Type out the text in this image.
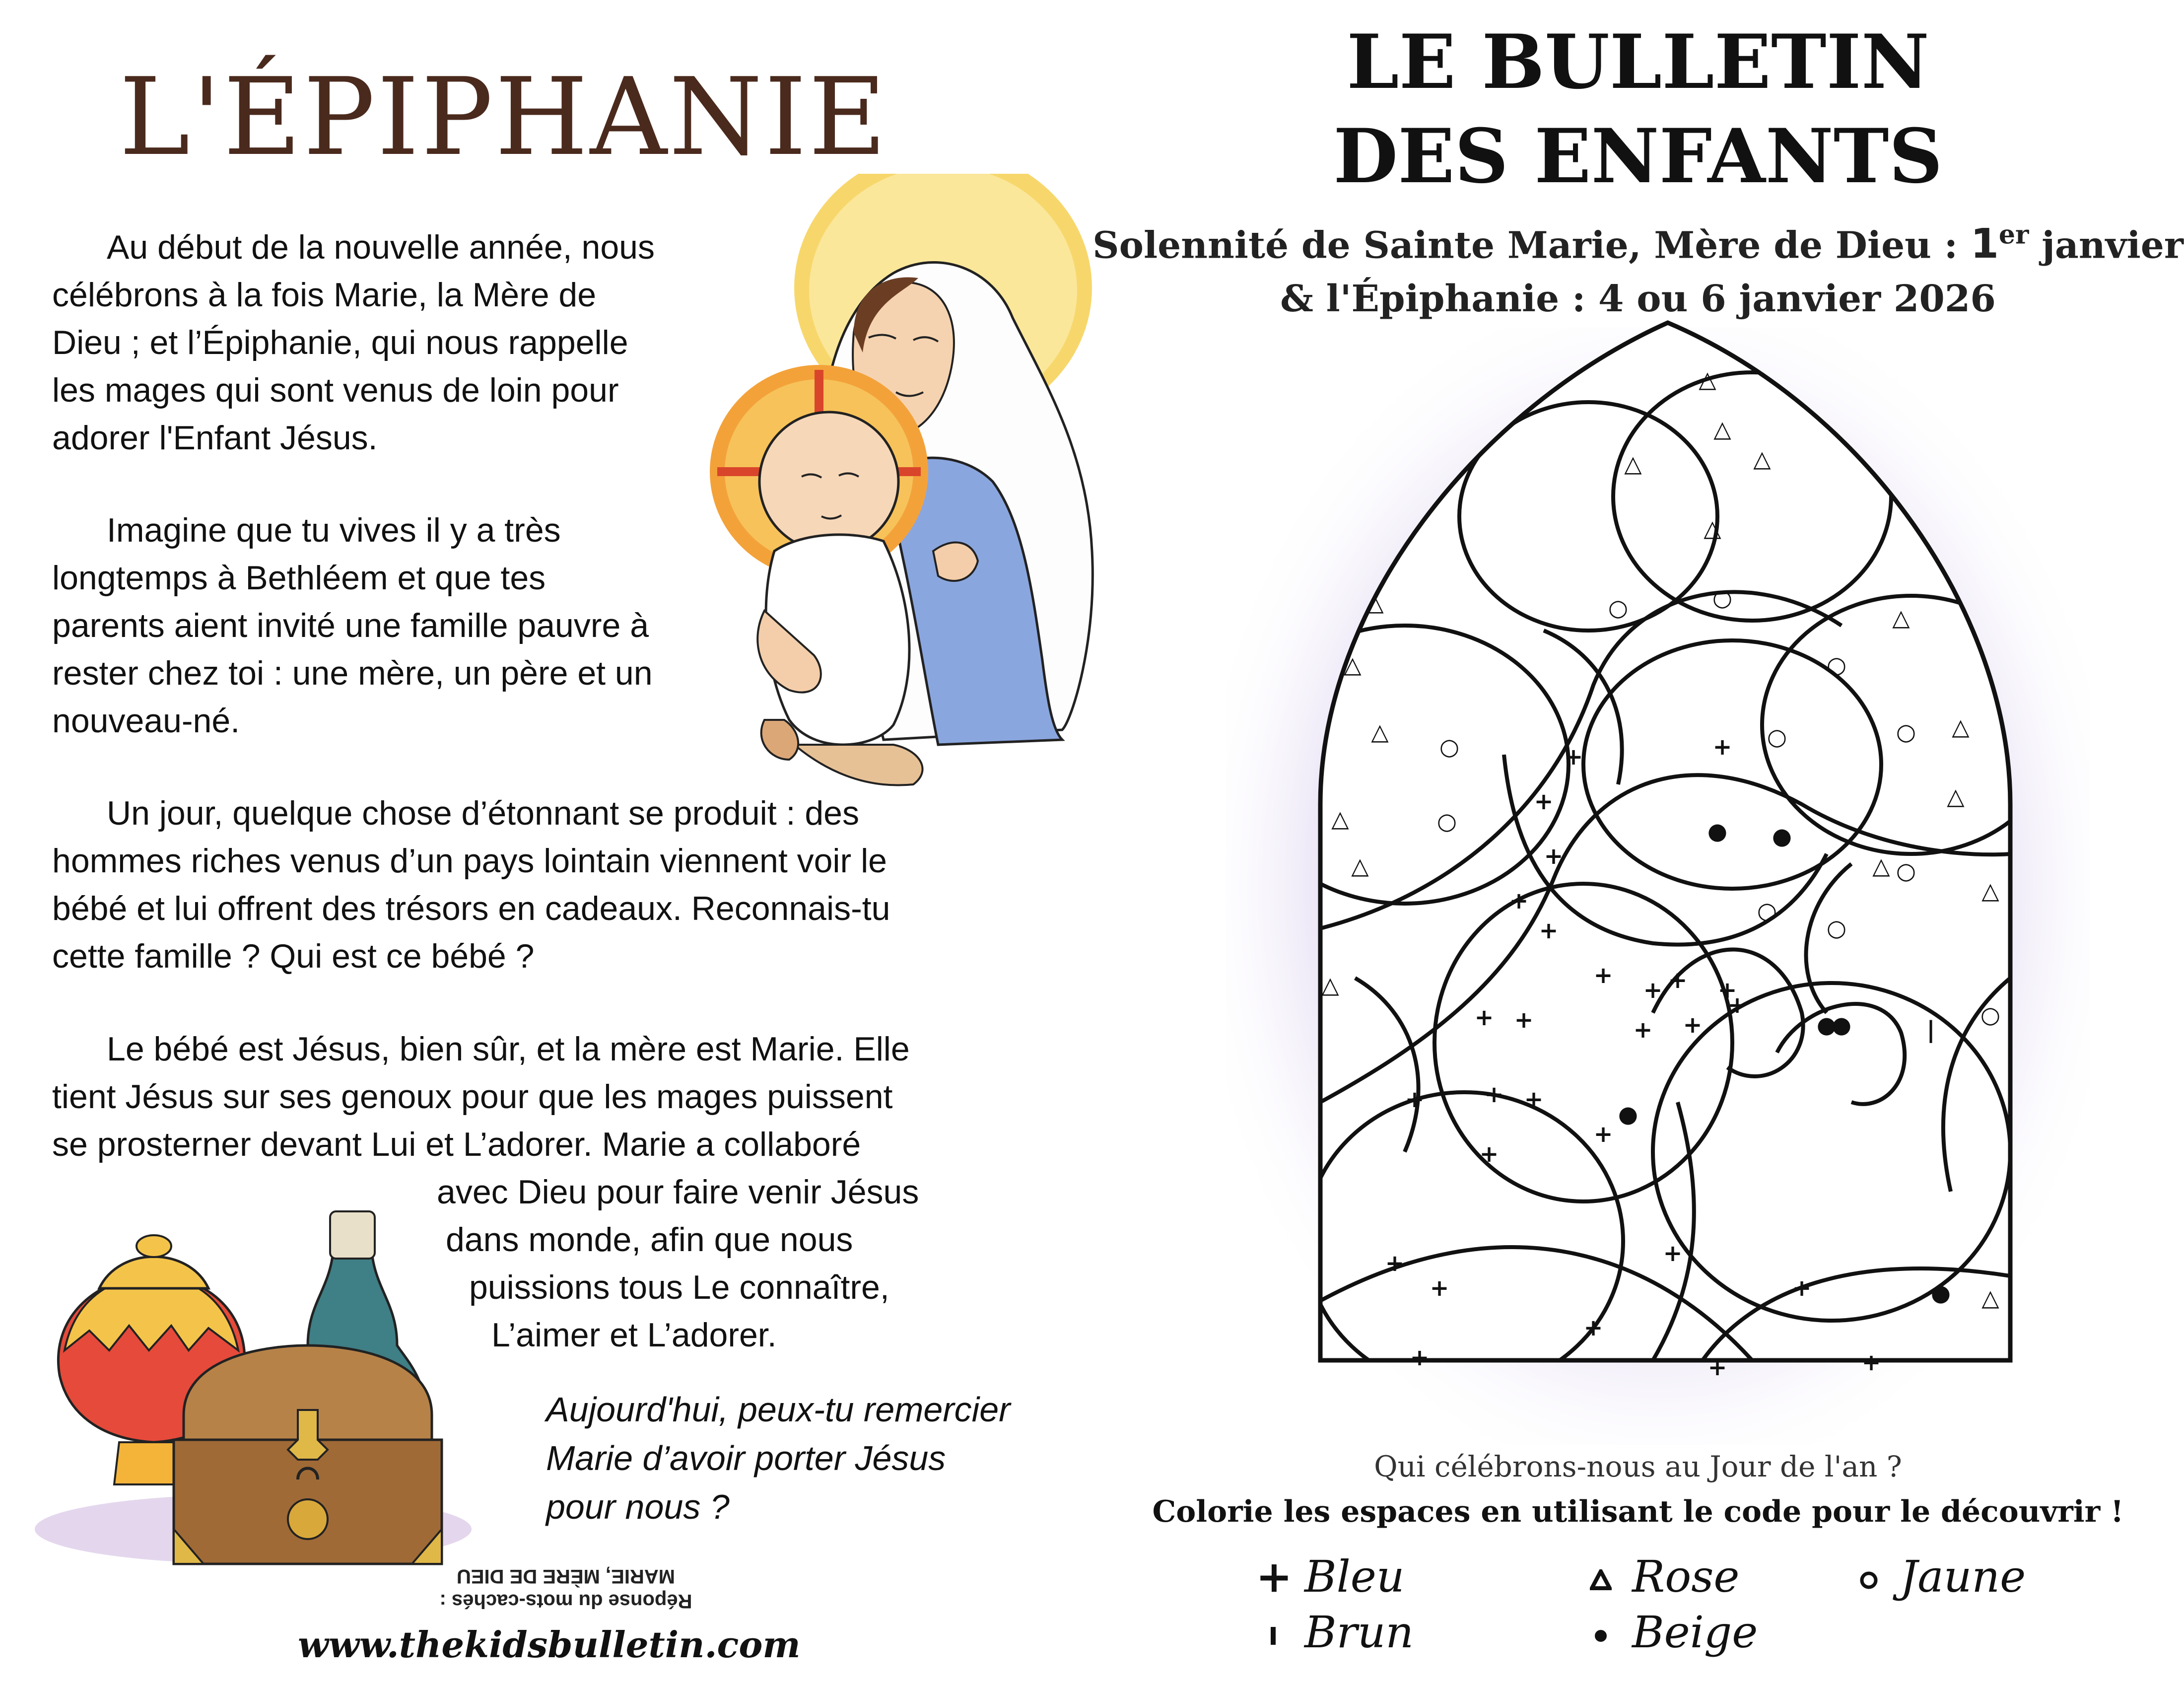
L'ÉPIPHANIE

Au début de la nouvelle année, nous
célébrons à la fois Marie, la Mère de
Dieu ; et l’Épiphanie, qui nous rappelle
les mages qui sont venus de loin pour
adorer l'Enfant Jésus.

Imagine que tu vives il y a très
longtemps à Bethléem et que tes
parents aient invité une famille pauvre à
rester chez toi : une mère, un père et un
nouveau-né.

Un jour, quelque chose d’étonnant se produit : des
hommes riches venus d’un pays lointain viennent voir le
bébé et lui offrent des trésors en cadeaux. Reconnais-tu
cette famille ? Qui est ce bébé ?

Le bébé est Jésus, bien sûr, et la mère est Marie. Elle
tient Jésus sur ses genoux pour que les mages puissent
se prosterner devant Lui et L’adorer. Marie a collaboré

avec Dieu pour faire venir Jésus
dans monde, afin que nous
puissions tous Le connaître,
L’aimer et L’adorer.

Aujourd'hui, peux-tu remercier
Marie d’avoir porter Jésus
pour nous ?

Réponse du mots-cachés :
MARIE, MÈRE DE DIEU
www.thekidsbulletin.com
LE BULLETIN
DES ENFANTS
Solennité de Sainte Marie, Mère de Dieu : 1er janvier
& l'Épiphanie : 4 ou 6 janvier 2026
△
△
△
△
△
△
△
△
△
△
△
△
△	△
△
△
△
○	○
○
○	○
○
○
○
○
○
○
+
+
+
+
+
+
+
+ + +
+
+ +	+ +
+	+ +
+
+
+
+
+
+
+
+	+	+
● ●
●
●
●
●
|
Qui célébrons-nous au Jour de l'an ?
Colorie les espaces en utilisant le code pour le découvrir !
+ Bleu	Rose	Jaune
Brun	Beige
